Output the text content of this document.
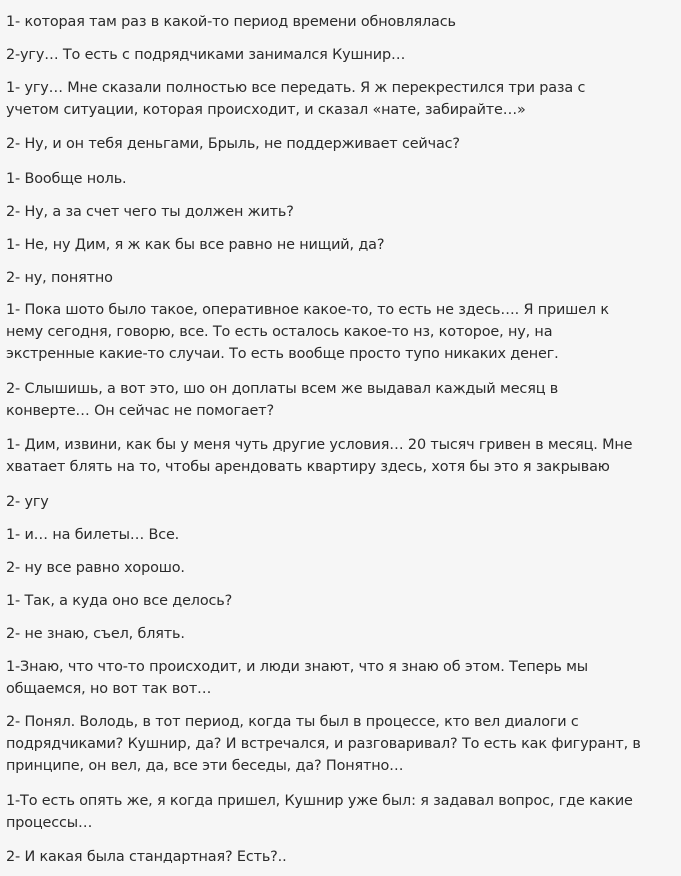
1- которая там раз в какой-то период времени обновлялась

2-угу… То есть с подрядчиками занимался Кушнир…

1- угу… Мне сказали полностью все передать. Я ж перекрестился три раза с учетом ситуации, которая происходит, и сказал «нате, забирайте…»

2- Ну, и он тебя деньгами, Брыль, не поддерживает сейчас?

1- Вообще ноль.

2- Ну, а за счет чего ты должен жить?

1- Не, ну Дим, я ж как бы все равно не нищий, да?

2- ну, понятно

1- Пока шото было такое, оперативное какое-то, то есть не здесь…. Я пришел к нему сегодня, говорю, все. То есть осталось какое-то нз, которое, ну, на экстренные какие-то случаи. То есть вообще просто тупо никаких денег.

2- Слышишь, а вот это, шо он доплаты всем же выдавал каждый месяц в конверте… Он сейчас не помогает?

1- Дим, извини, как бы у меня чуть другие условия… 20 тысяч гривен в месяц. Мне хватает блять на то, чтобы арендовать квартиру здесь, хотя бы это я закрываю

2- угу

1- и… на билеты… Все.

2- ну все равно хорошо.

1- Так, а куда оно все делось?

2- не знаю, съел, блять.

1-Знаю, что что-то происходит, и люди знают, что я знаю об этом. Теперь мы общаемся, но вот так вот…

2- Понял. Володь, в тот период, когда ты был в процессе, кто вел диалоги с подрядчиками? Кушнир, да? И встречался, и разговаривал? То есть как фигурант, в принципе, он вел, да, все эти беседы, да? Понятно…

1-То есть опять же, я когда пришел, Кушнир уже был: я задавал вопрос, где какие процессы…

2- И какая была стандартная? Есть?..
